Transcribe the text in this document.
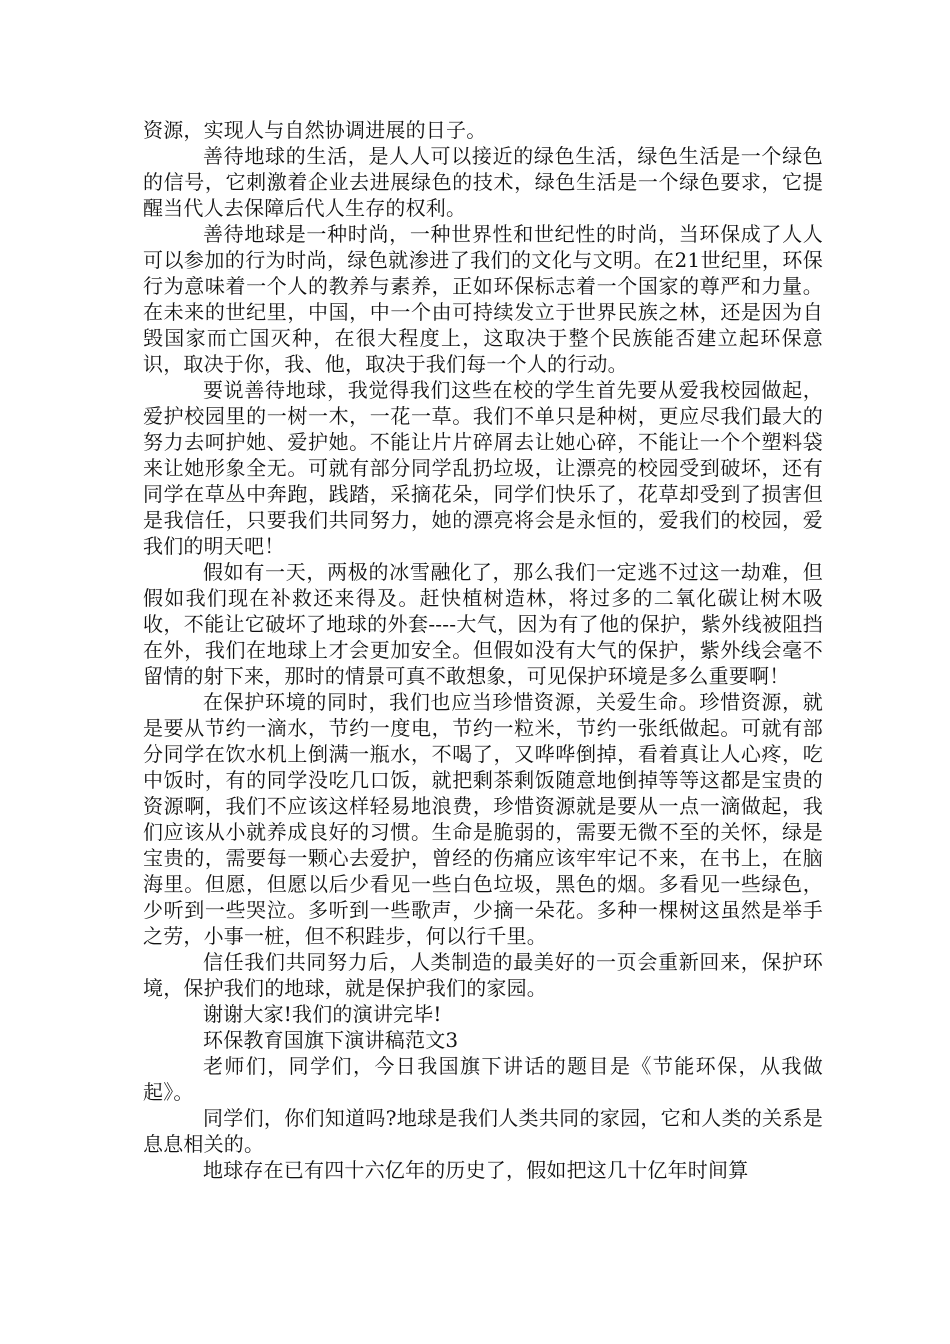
资源，实现人与自然协调进展的日子。

善待地球的生活，是人人可以接近的绿色生活，绿色生活是一个绿色的信号，它刺激着企业去进展绿色的技术，绿色生活是一个绿色要求，它提醒当代人去保障后代人生存的权利。

善待地球是一种时尚，一种世界性和世纪性的时尚，当环保成了人人可以参加的行为时尚，绿色就渗进了我们的文化与文明。在21世纪里，环保行为意味着一个人的教养与素养，正如环保标志着一个国家的尊严和力量。在未来的世纪里，中国，中一个由可持续发立于世界民族之林，还是因为自毁国家而亡国灭种，在很大程度上，这取决于整个民族能否建立起环保意识，取决于你，我、他，取决于我们每一个人的行动。

要说善待地球，我觉得我们这些在校的学生首先要从爱我校园做起，爱护校园里的一树一木，一花一草。我们不单只是种树，更应尽我们最大的努力去呵护她、爱护她。不能让片片碎屑去让她心碎，不能让一个个塑料袋来让她形象全无。可就有部分同学乱扔垃圾，让漂亮的校园受到破坏，还有同学在草丛中奔跑，践踏，采摘花朵，同学们快乐了，花草却受到了损害但是我信任，只要我们共同努力，她的漂亮将会是永恒的，爱我们的校园，爱我们的明天吧！

假如有一天，两极的冰雪融化了，那么我们一定逃不过这一劫难，但假如我们现在补救还来得及。赶快植树造林，将过多的二氧化碳让树木吸收，不能让它破坏了地球的外套----大气，因为有了他的保护，紫外线被阻挡在外，我们在地球上才会更加安全。但假如没有大气的保护，紫外线会毫不留情的射下来，那时的情景可真不敢想象，可见保护环境是多么重要啊！

在保护环境的同时，我们也应当珍惜资源，关爱生命。珍惜资源，就是要从节约一滴水，节约一度电，节约一粒米，节约一张纸做起。可就有部分同学在饮水机上倒满一瓶水，不喝了，又哗哗倒掉，看着真让人心疼，吃中饭时，有的同学没吃几口饭，就把剩茶剩饭随意地倒掉等等这都是宝贵的资源啊，我们不应该这样轻易地浪费，珍惜资源就是要从一点一滴做起，我们应该从小就养成良好的习惯。生命是脆弱的，需要无微不至的关怀，绿是宝贵的，需要每一颗心去爱护，曾经的伤痛应该牢牢记不来，在书上，在脑海里。但愿，但愿以后少看见一些白色垃圾，黑色的烟。多看见一些绿色，少听到一些哭泣。多听到一些歌声，少摘一朵花。多种一棵树这虽然是举手之劳，小事一桩，但不积跬步，何以行千里。

信任我们共同努力后，人类制造的最美好的一页会重新回来，保护环境，保护我们的地球，就是保护我们的家园。

谢谢大家!我们的演讲完毕!

环保教育国旗下演讲稿范文3

老师们，同学们，今日我国旗下讲话的题目是《节能环保，从我做起》。

同学们，你们知道吗?地球是我们人类共同的家园，它和人类的关系是息息相关的。

地球存在已有四十六亿年的历史了，假如把这几十亿年时间算
